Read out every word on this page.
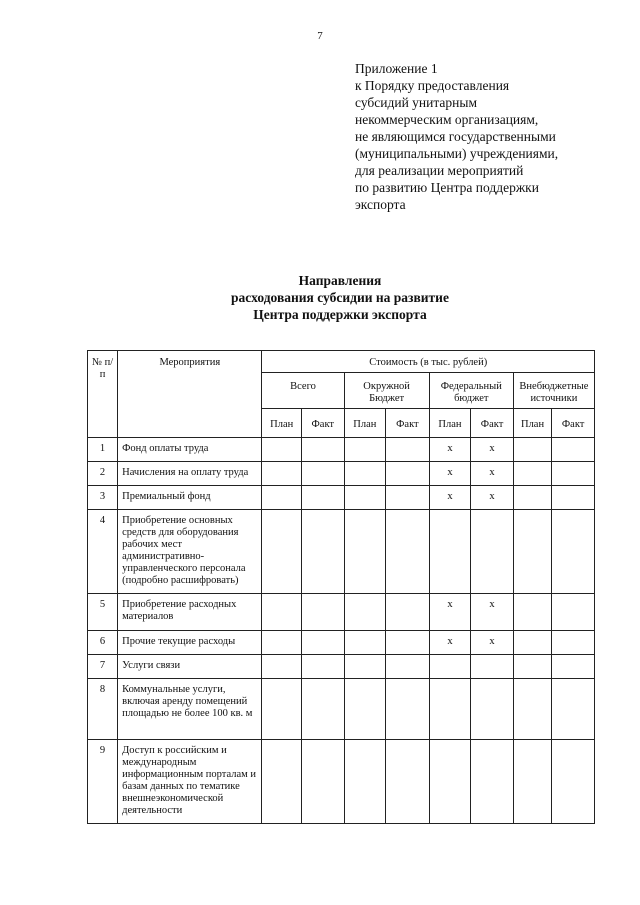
7
Приложение 1
к Порядку предоставления
субсидий унитарным
некоммерческим организациям,
не являющимся государственными
(муниципальными) учреждениями,
для реализации мероприятий
по развитию Центра поддержки
экспорта
Направления
расходования субсидии на развитие
Центра поддержки экспорта
№ п/п	Мероприятия	Стоимость (в тыс. рублей)							
		Всего		Окружной Бюджет		Федеральный бюджет		Внебюджетные источники	
		План	Факт	План	Факт	План	Факт	План	Факт
1	Фонд оплаты труда					х	х		
2	Начисления на оплату труда					х	х		
3	Премиальный фонд					х	х		
4	Приобретение основных средств для оборудования рабочих мест административно-управленческого персонала (подробно расшифровать)								
5	Приобретение расходных материалов					х	х		
6	Прочие текущие расходы					х	х		
7	Услуги связи								
8	Коммунальные услуги, включая аренду помещений площадью не более 100 кв. м								
9	Доступ к российским и международным информационным порталам и базам данных по тематике внешнеэкономической деятельности								
